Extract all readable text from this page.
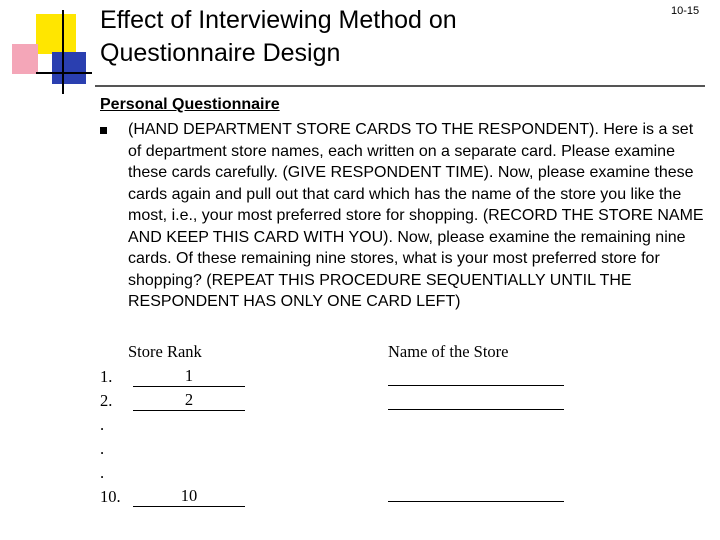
Effect of Interviewing Method on
Questionnaire Design
10-15
Personal Questionnaire
(HAND DEPARTMENT STORE CARDS TO THE RESPONDENT). Here is a set of department store names, each written on a separate card. Please examine these cards carefully. (GIVE RESPONDENT TIME). Now, please examine these cards again and pull out that card which has the name of the store you like the most, i.e., your most preferred store for shopping. (RECORD THE STORE NAME AND KEEP THIS CARD WITH YOU). Now, please examine the remaining nine cards. Of these remaining nine stores, what is your most preferred store for shopping? (REPEAT THIS PROCEDURE SEQUENTIALLY UNTIL THE RESPONDENT HAS ONLY ONE CARD LEFT)
Store Rank	Name of the Store
1.	1
2.	2
.
.
.
10.	10
